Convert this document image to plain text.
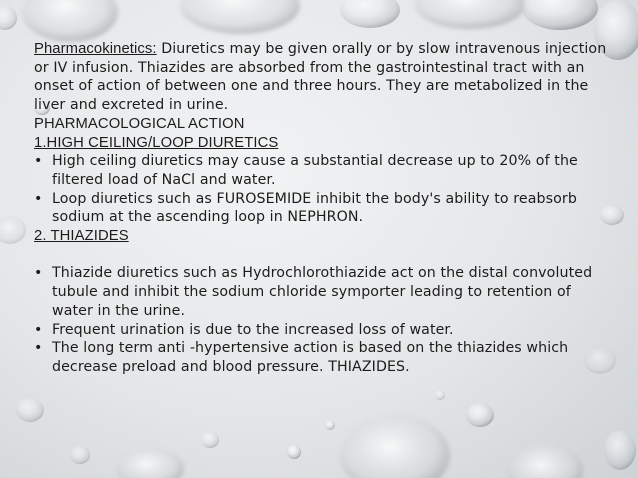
Pharmacokinetics: Diuretics may be given orally or by slow intravenous injection or IV infusion. Thiazides are absorbed from the gastrointestinal tract with an onset of action of between one and three hours. They are metabolized in the liver and excreted in urine.

PHARMACOLOGICAL ACTION
1.HIGH CEILING/LOOP DIURETICS
• High ceiling diuretics may cause a substantial decrease up to 20% of the filtered load of NaCl and water.
• Loop diuretics such as FUROSEMIDE inhibit the body's ability to reabsorb sodium at the ascending loop in NEPHRON.
2. THIAZIDES
• Thiazide diuretics such as Hydrochlorothiazide act on the distal convoluted tubule and inhibit the sodium chloride symporter leading to retention of water in the urine.
• Frequent urination is due to the increased loss of water.
• The long term anti -hypertensive action is based on the thiazides which decrease preload and blood pressure. THIAZIDES.
